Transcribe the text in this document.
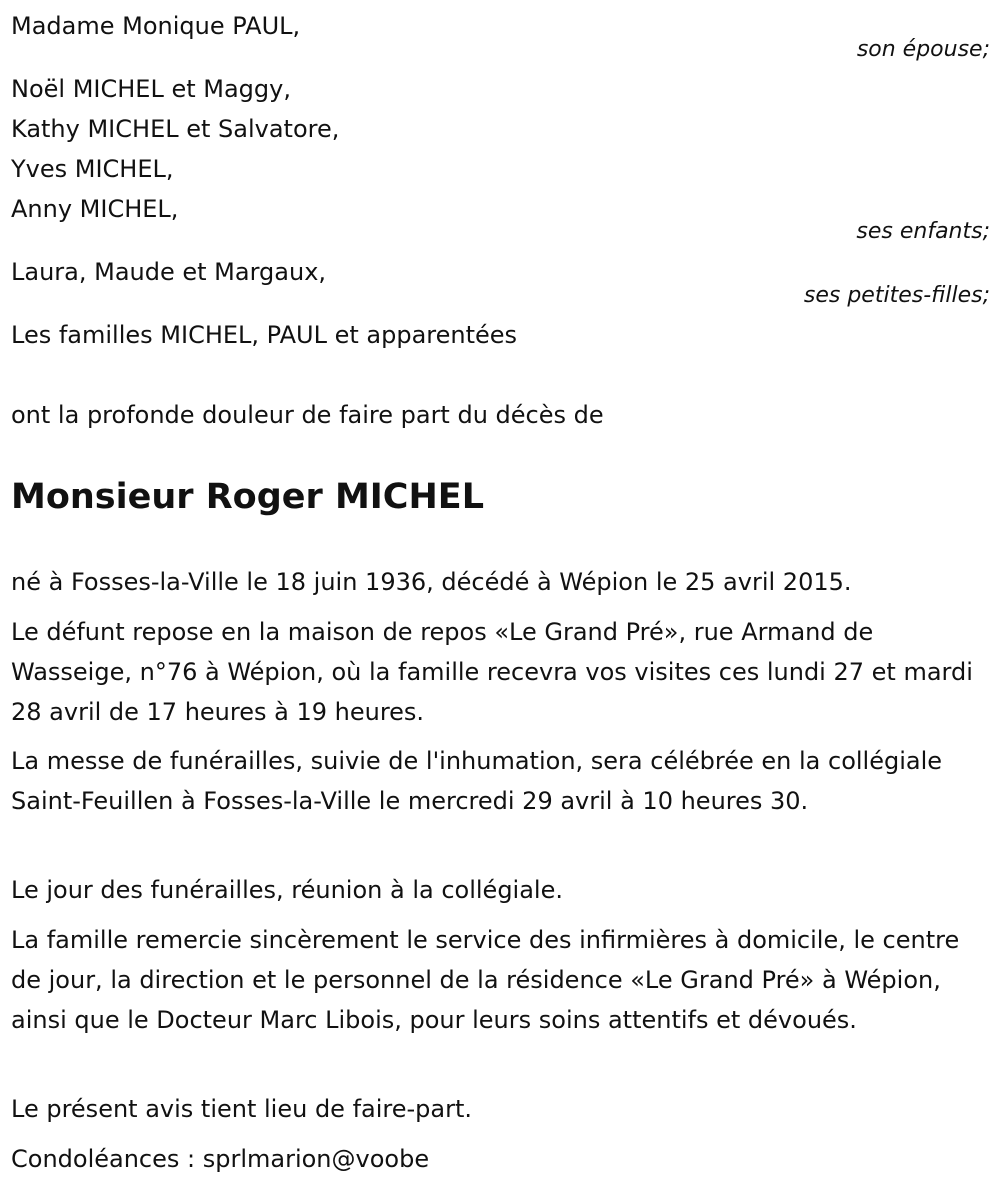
Madame Monique PAUL,

son épouse;

Noël MICHEL et Maggy,

Kathy MICHEL et Salvatore,

Yves MICHEL,

Anny MICHEL,

ses enfants;

Laura, Maude et Margaux,

ses petites-filles;

Les familles MICHEL, PAUL et apparentées

ont la profonde douleur de faire part du décès de

Monsieur Roger MICHEL

né à Fosses-la-Ville le 18 juin 1936, décédé à Wépion le 25 avril 2015.

Le défunt repose en la maison de repos «Le Grand Pré», rue Armand de Wasseige, n°76 à Wépion, où la famille recevra vos visites ces lundi 27 et mardi 28 avril de 17 heures à 19 heures.

La messe de funérailles, suivie de l'inhumation, sera célébrée en la collégiale Saint-Feuillen à Fosses-la-Ville le mercredi 29 avril à 10 heures 30.

Le jour des funérailles, réunion à la collégiale.

La famille remercie sincèrement le service des infirmières à domicile, le centre de jour, la direction et le personnel de la résidence «Le Grand Pré» à Wépion, ainsi que le Docteur Marc Libois, pour leurs soins attentifs et dévoués.

Le présent avis tient lieu de faire-part.

Condoléances : sprlmarion@voobe
